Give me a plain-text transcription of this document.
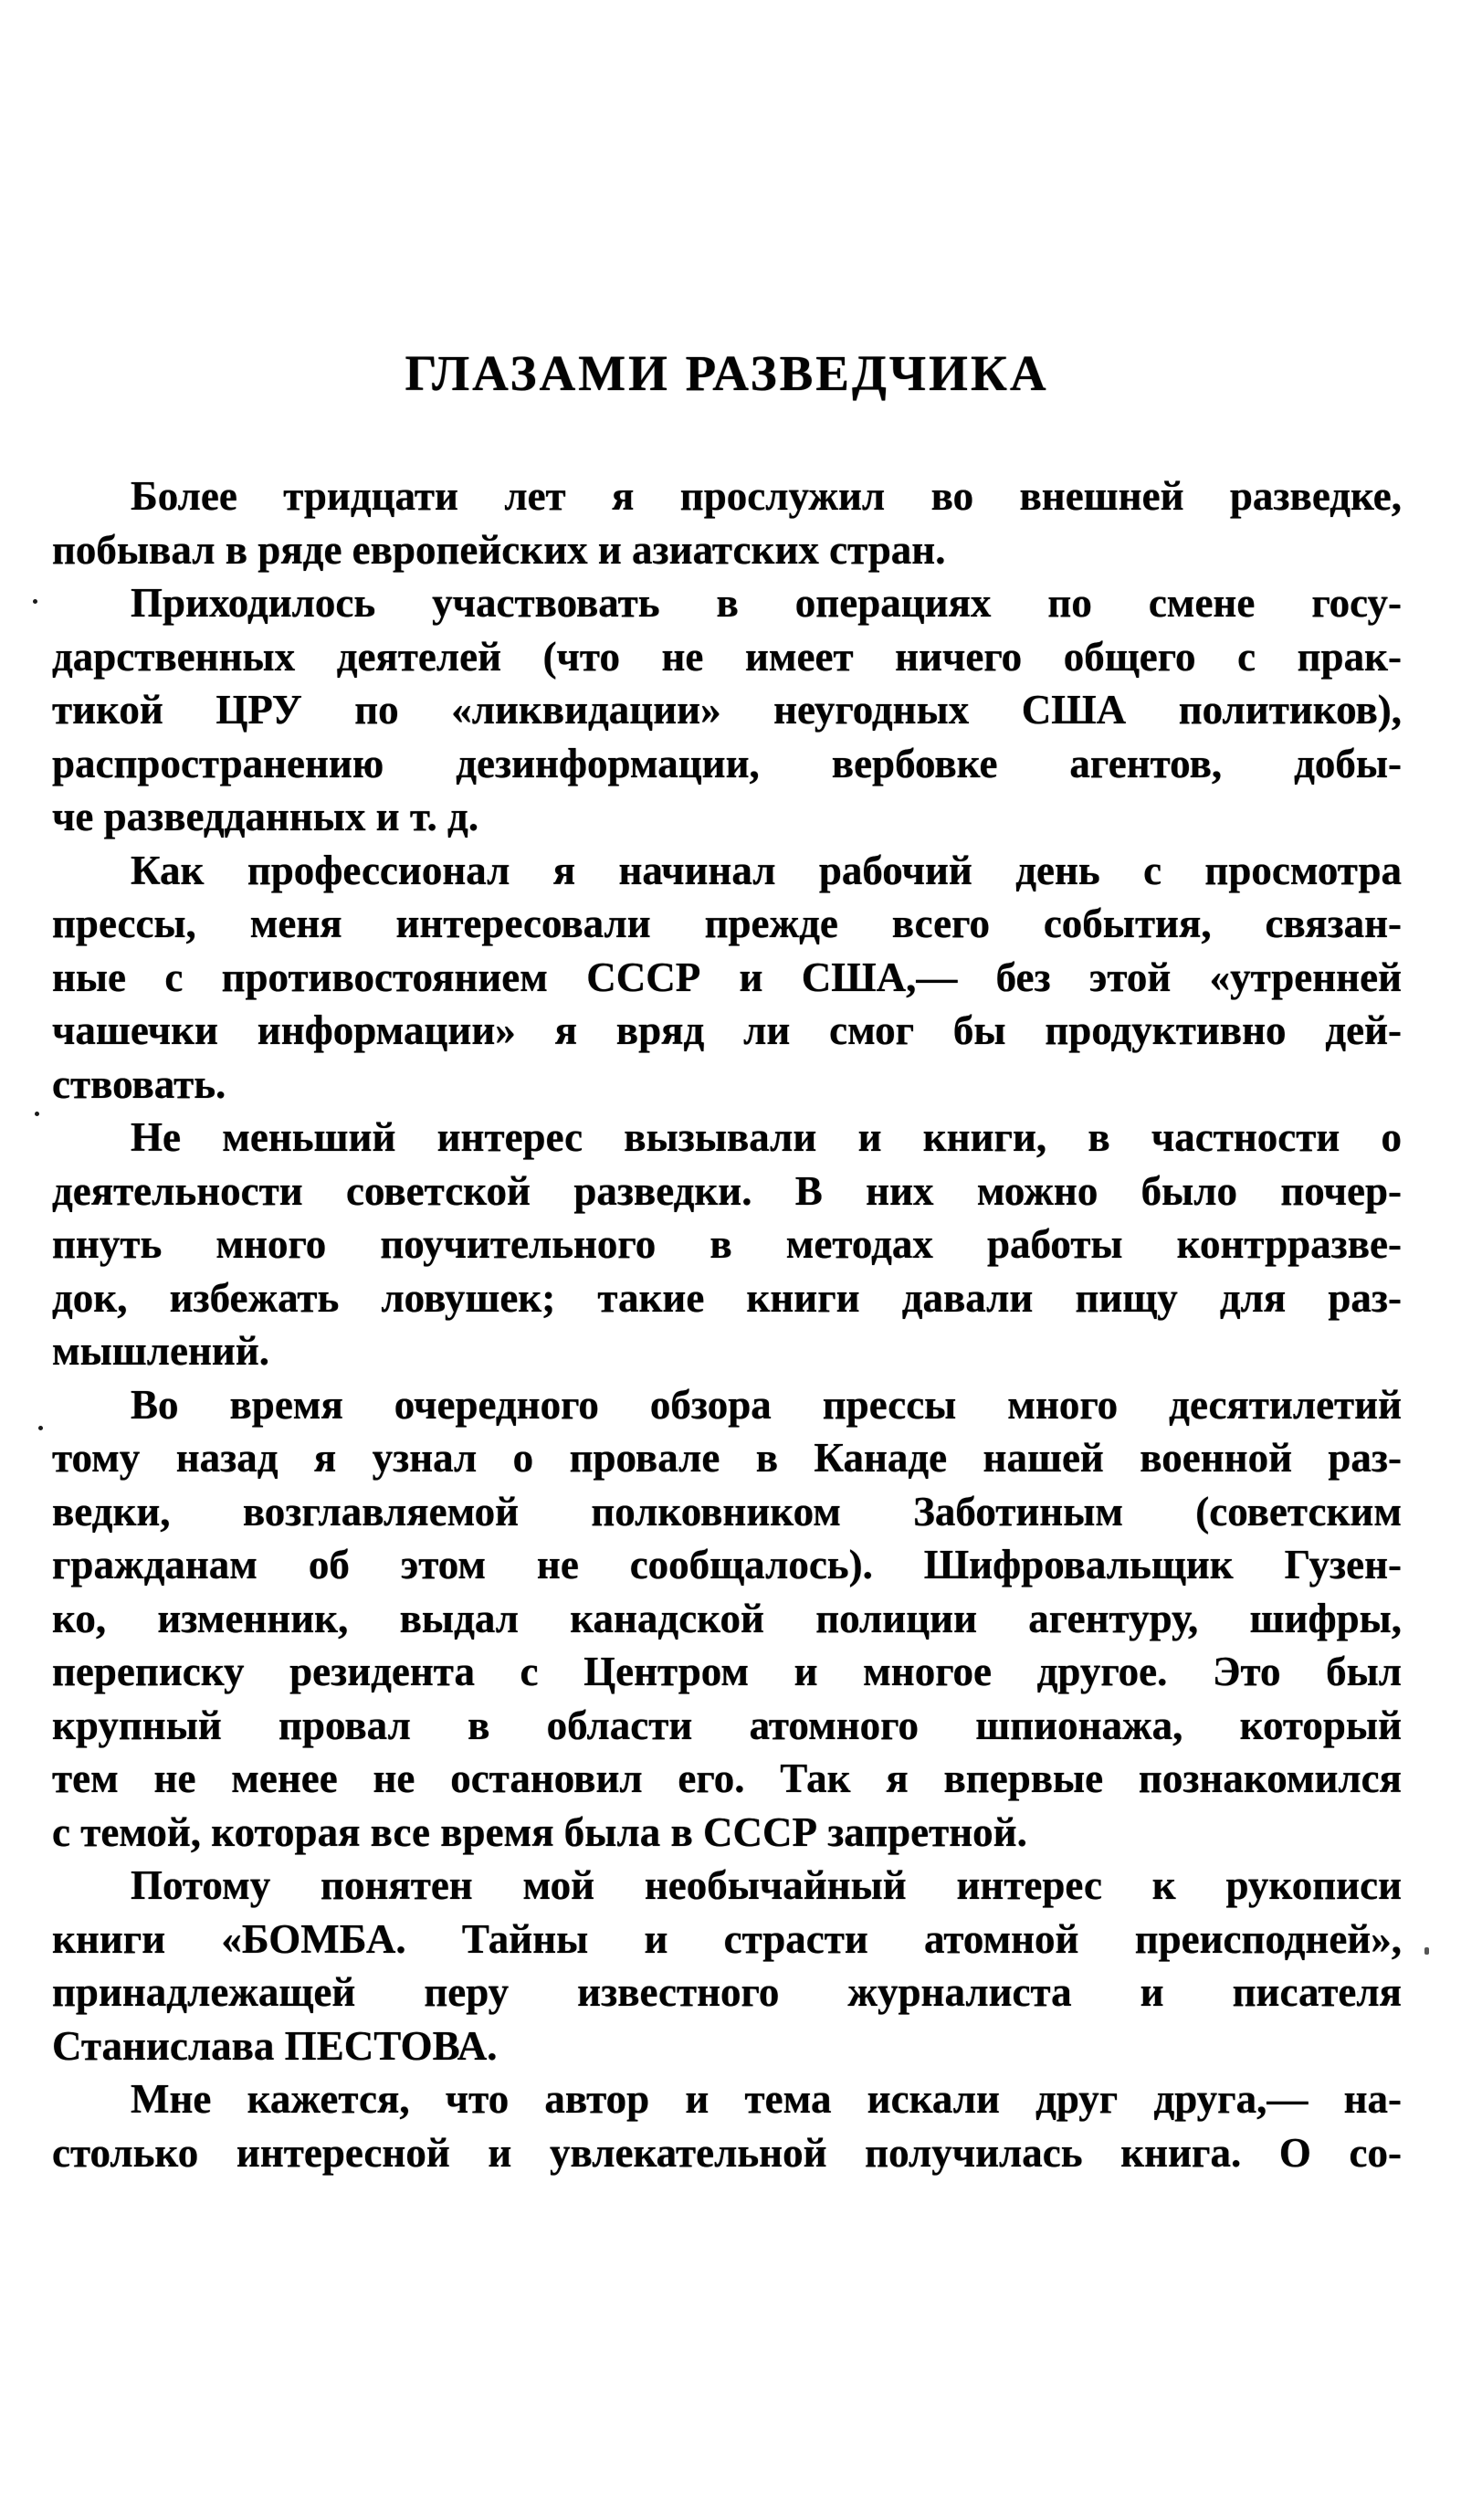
ГЛАЗАМИ РАЗВЕДЧИКА

Более тридцати лет я прослужил во внешней разведке,
побывал в ряде европейских и азиатских стран.

Приходилось участвовать в операциях по смене госу-
дарственных деятелей (что не имеет ничего общего с прак-
тикой ЦРУ по «ликвидации» неугодных США политиков),
распространению дезинформации, вербовке агентов, добы-
че разведданных и т. д.

Как профессионал я начинал рабочий день с просмотра
прессы, меня интересовали прежде всего события, связан-
ные с противостоянием СССР и США,— без этой «утренней
чашечки информации» я вряд ли смог бы продуктивно дей-
ствовать.

Не меньший интерес вызывали и книги, в частности о
деятельности советской разведки. В них можно было почер-
пнуть много поучительного в методах работы контрразве-
док, избежать ловушек; такие книги давали пищу для раз-
мышлений.

Во время очередного обзора прессы много десятилетий
тому назад я узнал о провале в Канаде нашей военной раз-
ведки, возглавляемой полковником Заботиным (советским
гражданам об этом не сообщалось). Шифровальщик Гузен-
ко, изменник, выдал канадской полиции агентуру, шифры,
переписку резидента с Центром и многое другое. Это был
крупный провал в области атомного шпионажа, который
тем не менее не остановил его. Так я впервые познакомился
с темой, которая все время была в СССР запретной.

Потому понятен мой необычайный интерес к рукописи
книги «БОМБА. Тайны и страсти атомной преисподней»,
принадлежащей перу известного журналиста и писателя
Станислава ПЕСТОВА.

Мне кажется, что автор и тема искали друг друга,— на-
столько интересной и увлекательной получилась книга. О со-
